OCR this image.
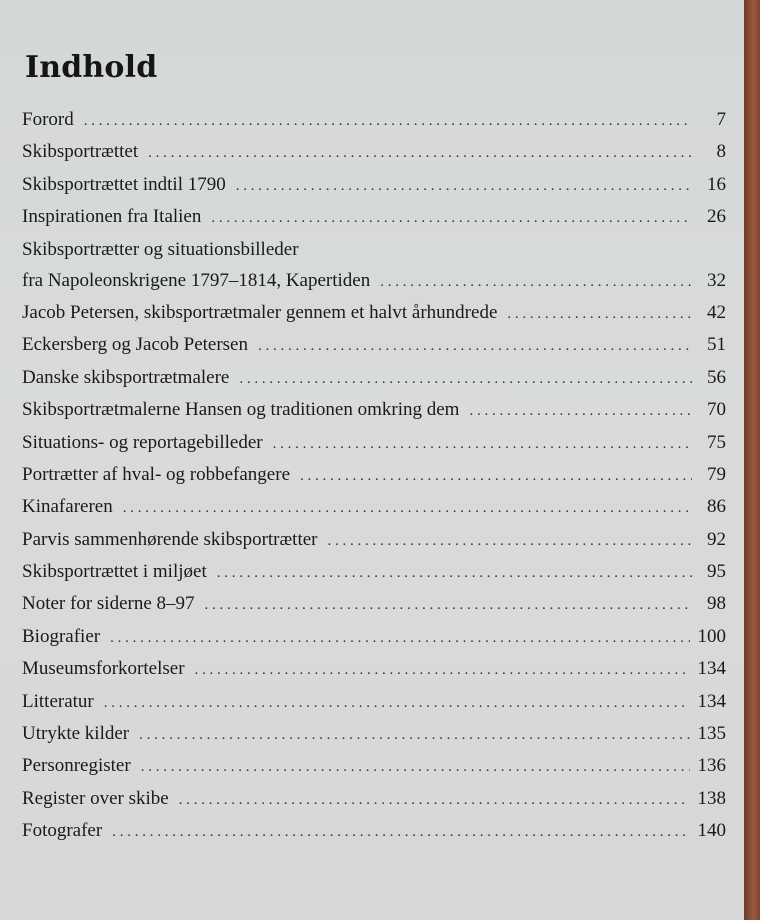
Indhold
Forord . . .	7
Skibsportrættet . . .	8
Skibsportrættet indtil 1790 . . .	16
Inspirationen fra Italien . . .	26
Skibsportrætter og situationsbilleder
fra Napoleonskrigene 1797–1814, Kapertiden . . .	32
Jacob Petersen, skibsportrætmaler gennem et halvt århundrede . . .	42
Eckersberg og Jacob Petersen . . .	51
Danske skibsportrætmalere . . .	56
Skibsportrætmalerne Hansen og traditionen omkring dem . . .	70
Situations- og reportagebilleder . . .	75
Portrætter af hval- og robbefangere . . .	79
Kinafareren . . .	86
Parvis sammenhørende skibsportrætter . . .	92
Skibsportrættet i miljøet . . .	95
Noter for siderne 8–97 . . .	98
Biografier . . .	100
Museumsforkortelser . . .	134
Litteratur . . .	134
Utrykte kilder . . .	135
Personregister . . .	136
Register over skibe . . .	138
Fotografer . . .	140
